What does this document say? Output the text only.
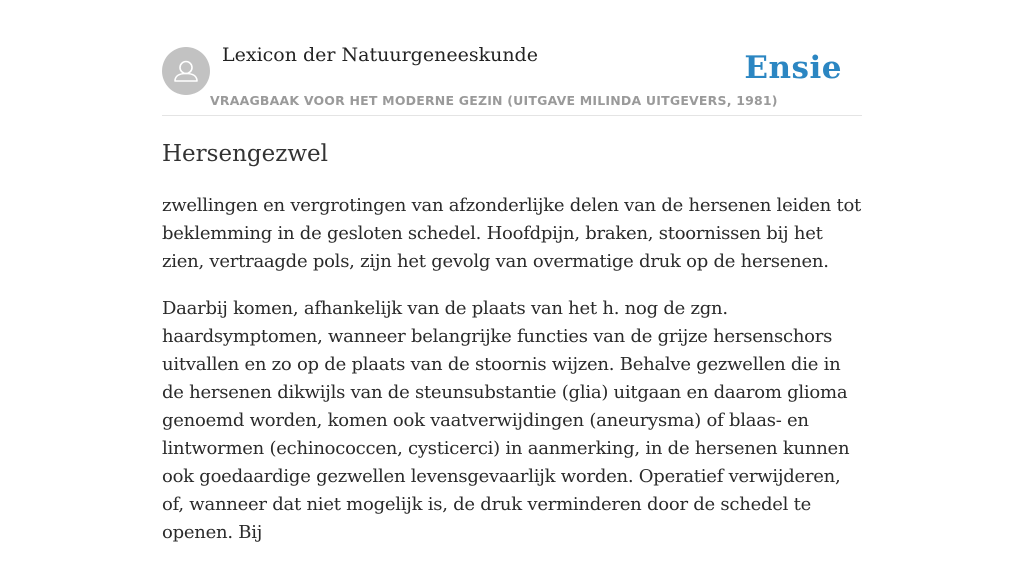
Lexicon der Natuurgeneeskunde
VRAAGBAAK VOOR HET MODERNE GEZIN (UITGAVE MILINDA UITGEVERS, 1981)
Ensie
Hersengezwel

zwellingen en vergrotingen van afzonderlijke delen van de hersenen leiden tot beklemming in de gesloten schedel. Hoofdpijn, braken, stoornissen bij het zien, vertraagde pols, zijn het gevolg van overmatige druk op de hersenen.

Daarbij komen, afhankelijk van de plaats van het h. nog de zgn. haardsymptomen, wanneer belangrijke functies van de grijze hersenschors uitvallen en zo op de plaats van de stoornis wijzen. Behalve gezwellen die in de hersenen dikwijls van de steunsubstantie (glia) uitgaan en daarom glioma genoemd worden, komen ook vaatverwijdingen (aneurysma) of blaas- en lintwormen (echinococcen, cysticerci) in aanmerking, in de hersenen kunnen ook goedaardige gezwellen levensgevaarlijk worden. Operatief verwijderen, of, wanneer dat niet mogelijk is, de druk verminderen door de schedel te openen. Bij
